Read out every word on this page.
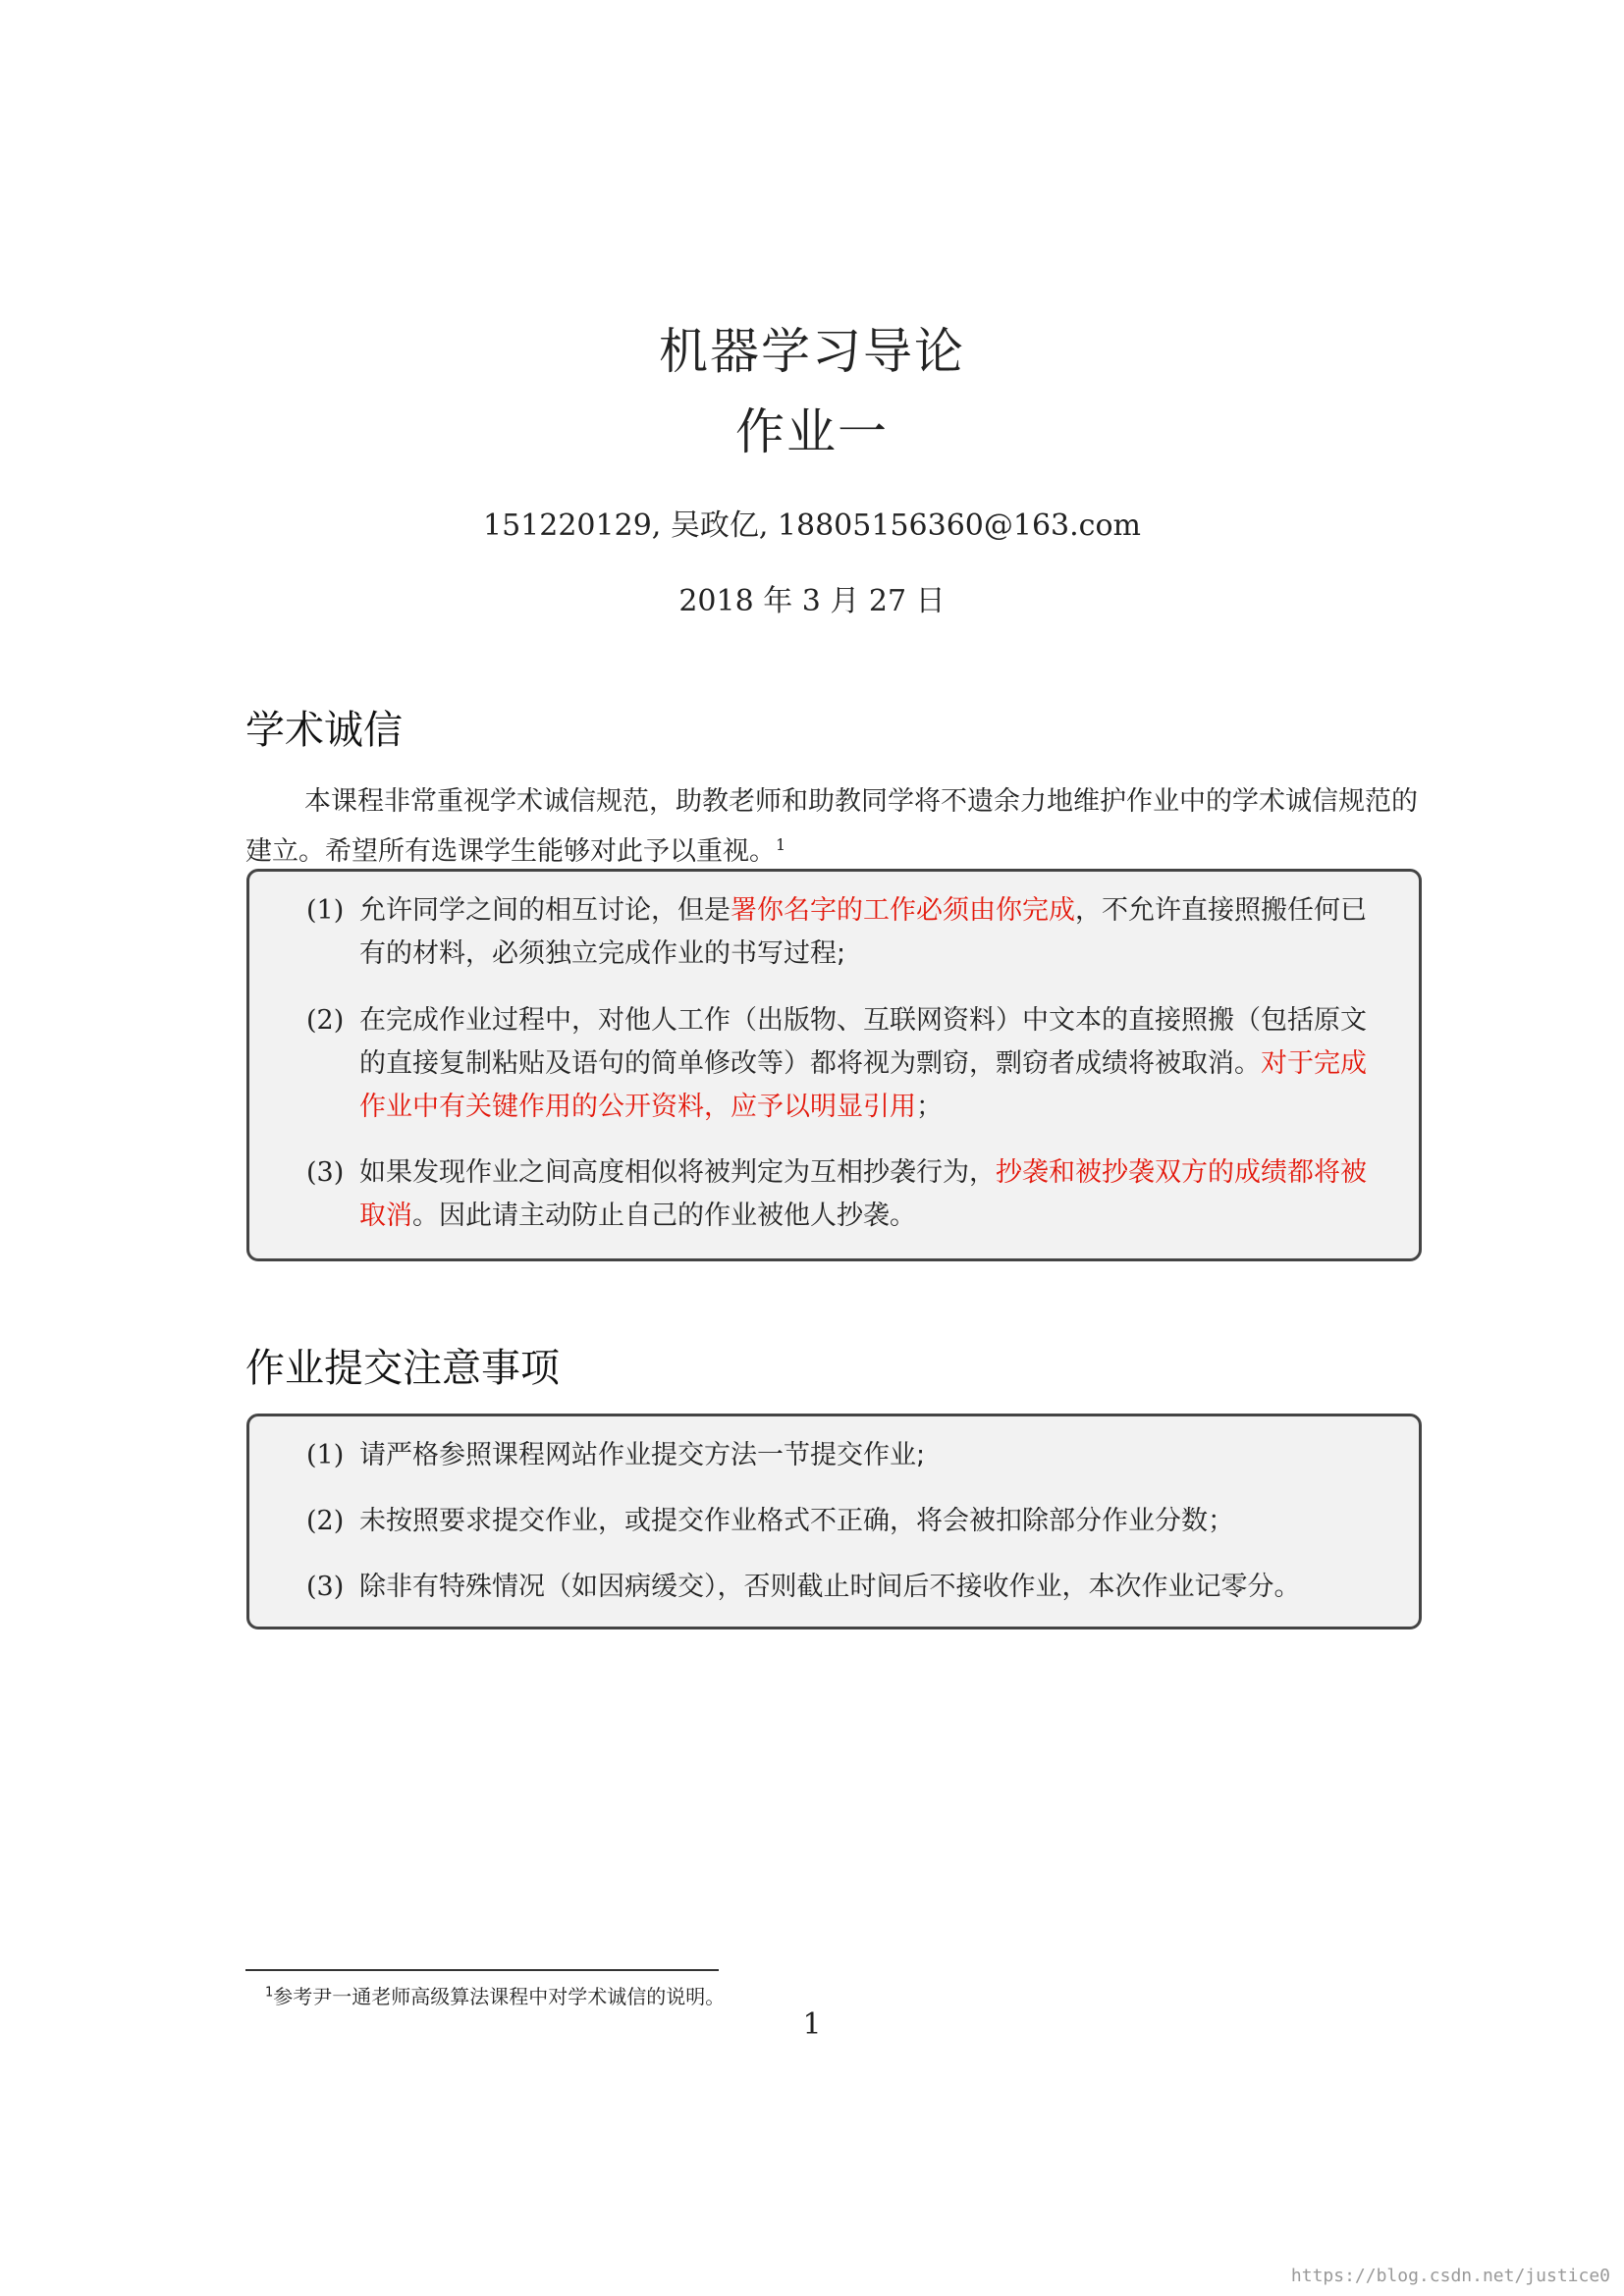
机器学习导论
作业一
151220129, 吴政亿, 18805156360@163.com
2018 年 3 月 27 日
学术诚信
本课程非常重视学术诚信规范，助教老师和助教同学将不遗余力地维护作业中的学术诚信规范的建立。希望所有选课学生能够对此予以重视。$^1$
(1) 允许同学之间的相互讨论，但是署你名字的工作必须由你完成，不允许直接照搬任何已有的材料，必须独立完成作业的书写过程;
(2) 在完成作业过程中，对他人工作（出版物、互联网资料）中文本的直接照搬（包括原文的直接复制粘贴及语句的简单修改等）都将视为剽窃，剽窃者成绩将被取消。对于完成作业中有关键作用的公开资料，应予以明显引用；
(3) 如果发现作业之间高度相似将被判定为互相抄袭行为，抄袭和被抄袭双方的成绩都将被取消。因此请主动防止自己的作业被他人抄袭。
作业提交注意事项
(1) 请严格参照课程网站作业提交方法一节提交作业;
(2) 未按照要求提交作业，或提交作业格式不正确，将会被扣除部分作业分数；
(3) 除非有特殊情况（如因病缓交），否则截止时间后不接收作业，本次作业记零分。
$^1$参考尹一通老师高级算法课程中对学术诚信的说明。
1
https://blog.csdn.net/justice0
